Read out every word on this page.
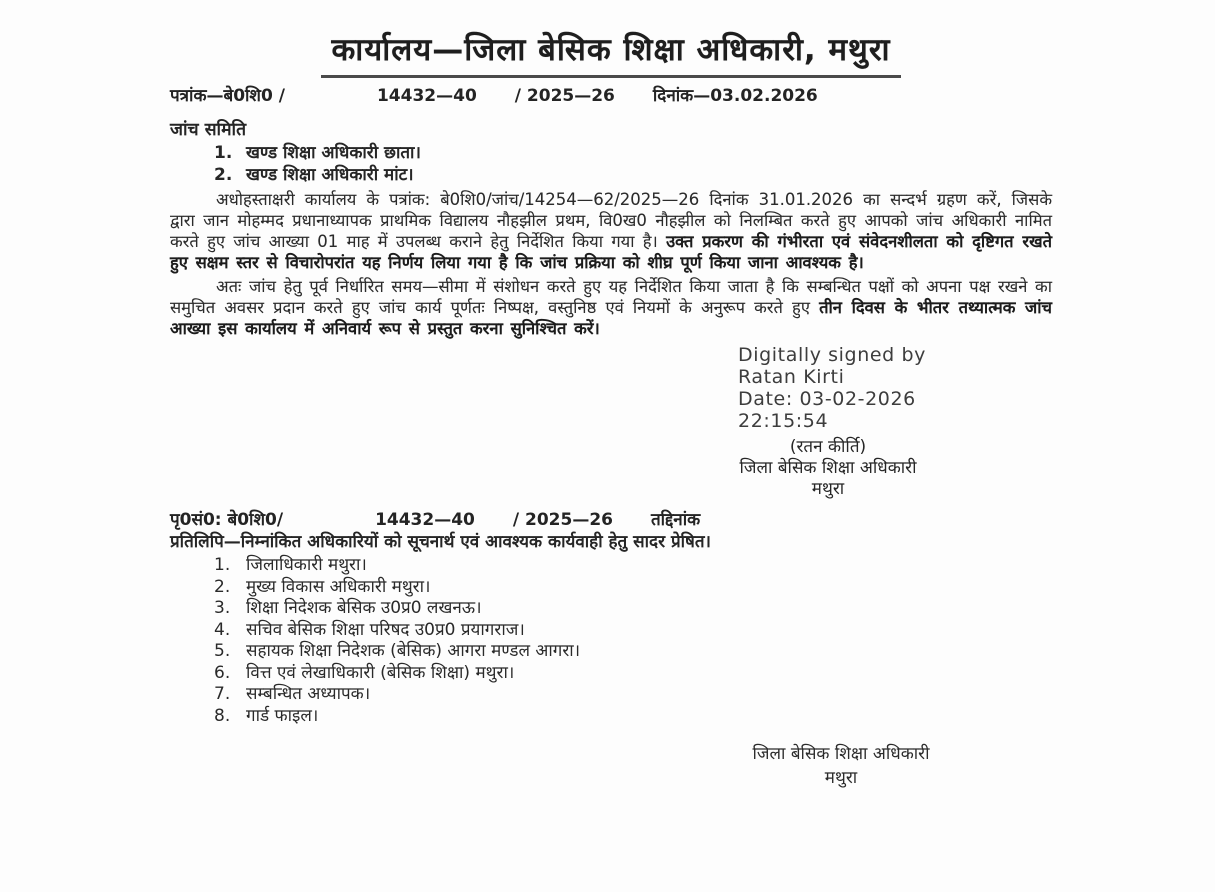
कार्यालय—जिला बेसिक शिक्षा अधिकारी, मथुरा
पत्रांक—बे0शि0 /	14432—40 / 2025—26 दिनांक—03.02.2026
जांच समिति
1. खण्ड शिक्षा अधिकारी छाता।
2. खण्ड शिक्षा अधिकारी मांट।

अधोहस्ताक्षरी कार्यालय के पत्रांक: बे0शि0/जांच/14254—62/2025—26 दिनांक 31.01.2026 का सन्दर्भ ग्रहण करें, जिसके द्वारा जान मोहम्मद प्रधानाध्यापक प्राथमिक विद्यालय नौहझील प्रथम, वि0ख0 नौहझील को निलम्बित करते हुए आपको जांच अधिकारी नामित करते हुए जांच आख्या 01 माह में उपलब्ध कराने हेतु निर्देशित किया गया है। उक्त प्रकरण की गंभीरता एवं संवेदनशीलता को दृष्टिगत रखते हुए सक्षम स्तर से विचारोपरांत यह निर्णय लिया गया है कि जांच प्रक्रिया को शीघ्र पूर्ण किया जाना आवश्यक है।

अतः जांच हेतु पूर्व निर्धारित समय—सीमा में संशोधन करते हुए यह निर्देशित किया जाता है कि सम्बन्धित पक्षों को अपना पक्ष रखने का समुचित अवसर प्रदान करते हुए जांच कार्य पूर्णतः निष्पक्ष, वस्तुनिष्ठ एवं नियमों के अनुरूप करते हुए तीन दिवस के भीतर तथ्यात्मक जांच आख्या इस कार्यालय में अनिवार्य रूप से प्रस्तुत करना सुनिश्चित करें।

Digitally signed by
Ratan Kirti
Date: 03-02-2026
22:15:54
(रतन कीर्ति)
जिला बेसिक शिक्षा अधिकारी
मथुरा
पृ0सं0: बे0शि0/	14432—40 / 2025—26 तद्दिनांक
प्रतिलिपि—निम्नांकित अधिकारियों को सूचनार्थ एवं आवश्यक कार्यवाही हेतु सादर प्रेषित।
1. जिलाधिकारी मथुरा।
2. मुख्य विकास अधिकारी मथुरा।
3. शिक्षा निदेशक बेसिक उ0प्र0 लखनऊ।
4. सचिव बेसिक शिक्षा परिषद उ0प्र0 प्रयागराज।
5. सहायक शिक्षा निदेशक (बेसिक) आगरा मण्डल आगरा।
6. वित्त एवं लेखाधिकारी (बेसिक शिक्षा) मथुरा।
7. सम्बन्धित अध्यापक।
8. गार्ड फाइल।
जिला बेसिक शिक्षा अधिकारी
मथुरा
